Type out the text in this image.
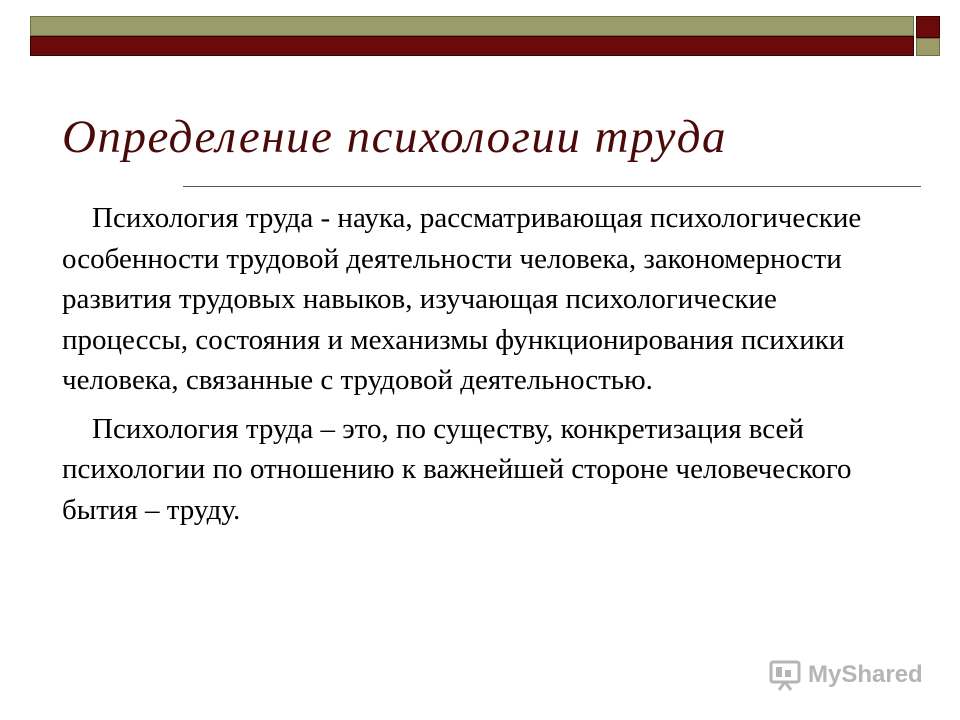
Определение психологии труда

Психология труда - наука, рассматривающая психологические особенности трудовой деятельности человека, закономерности развития трудовых навыков, изучающая психологические процессы, состояния и механизмы функционирования психики человека, связанные с трудовой деятельностью.

Психология труда – это, по существу, конкретизация всей психологии по отношению к важнейшей стороне человеческого бытия – труду.

MyShared
